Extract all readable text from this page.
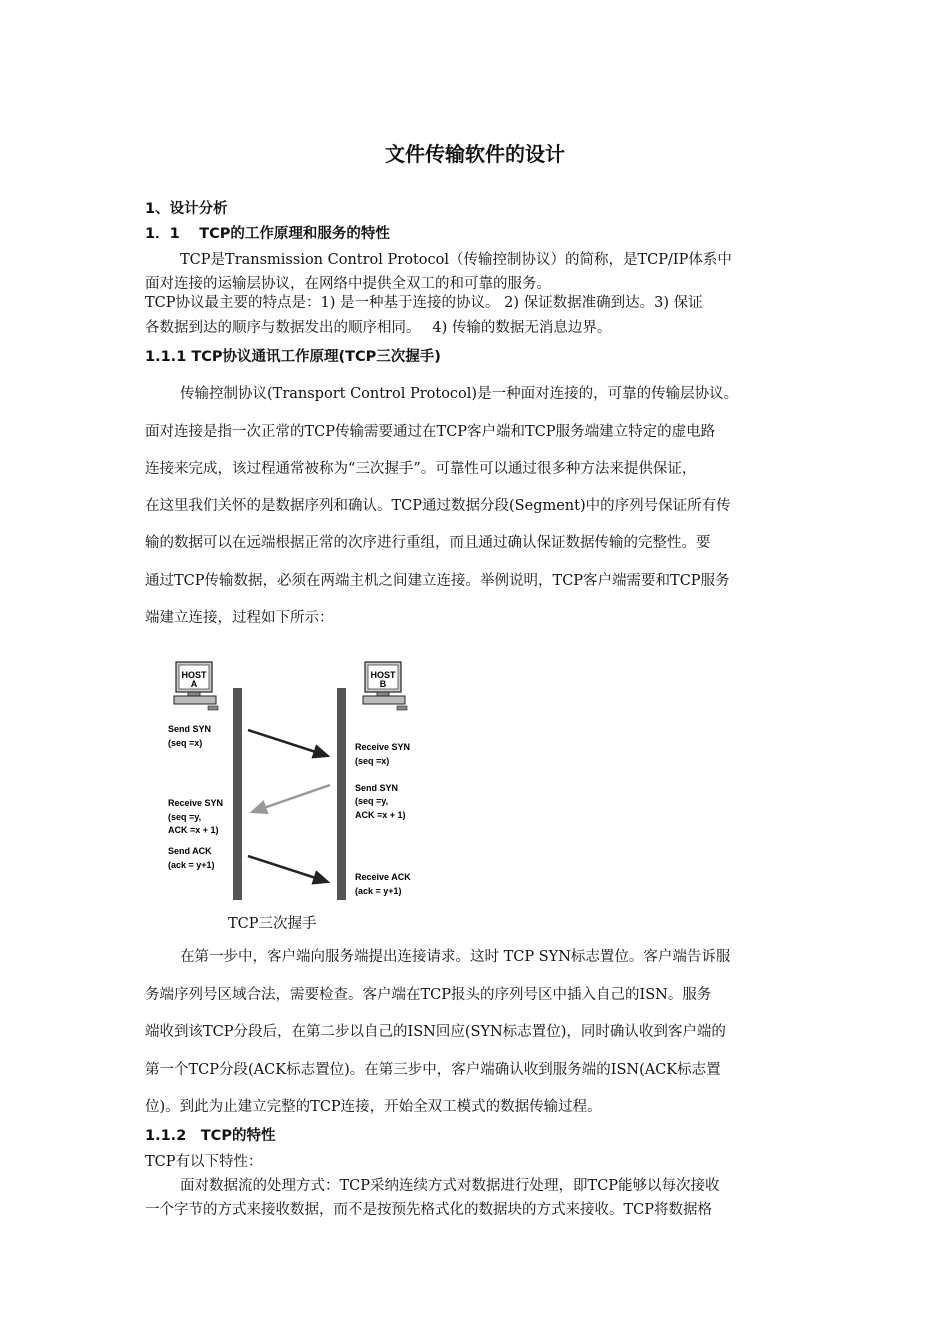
文件传输软件的设计
1、设计分析
1．1　 TCP的工作原理和服务的特性
TCP是Transmission Control Protocol（传输控制协议）的简称，是TCP/IP体系中
面对连接的运输层协议，在网络中提供全双工的和可靠的服务。
TCP协议最主要的特点是：1) 是一种基于连接的协议。 2) 保证数据准确到达。3) 保证
各数据到达的顺序与数据发出的顺序相同。　 4) 传输的数据无消息边界。
1.1.1 TCP协议通讯工作原理(TCP三次握手)
传输控制协议(Transport Control Protocol)是一种面对连接的，可靠的传输层协议。
面对连接是指一次正常的TCP传输需要通过在TCP客户端和TCP服务端建立特定的虚电路
连接来完成，该过程通常被称为“三次握手”。可靠性可以通过很多种方法来提供保证，
在这里我们关怀的是数据序列和确认。TCP通过数据分段(Segment)中的序列号保证所有传
输的数据可以在远端根据正常的次序进行重组，而且通过确认保证数据传输的完整性。要
通过TCP传输数据，必须在两端主机之间建立连接。举例说明，TCP客户端需要和TCP服务
端建立连接，过程如下所示：
HOST
A
HOST
B
Send SYN
(seq =x)
Receive SYN
(seq =y,
ACK =x + 1)
Send ACK
(ack = y+1)
Receive SYN
(seq =x)
Send SYN
(seq =y,
ACK =x + 1)
Receive ACK
(ack = y+1)
TCP三次握手
在第一步中，客户端向服务端提出连接请求。这时 TCP SYN标志置位。客户端告诉服
务端序列号区域合法，需要检查。客户端在TCP报头的序列号区中插入自己的ISN。服务
端收到该TCP分段后，在第二步以自己的ISN回应(SYN标志置位)，同时确认收到客户端的
第一个TCP分段(ACK标志置位)。在第三步中，客户端确认收到服务端的ISN(ACK标志置
位)。到此为止建立完整的TCP连接，开始全双工模式的数据传输过程。
1.1.2　TCP的特性
TCP有以下特性：
面对数据流的处理方式：TCP采纳连续方式对数据进行处理，即TCP能够以每次接收
一个字节的方式来接收数据，而不是按预先格式化的数据块的方式来接收。TCP将数据格
